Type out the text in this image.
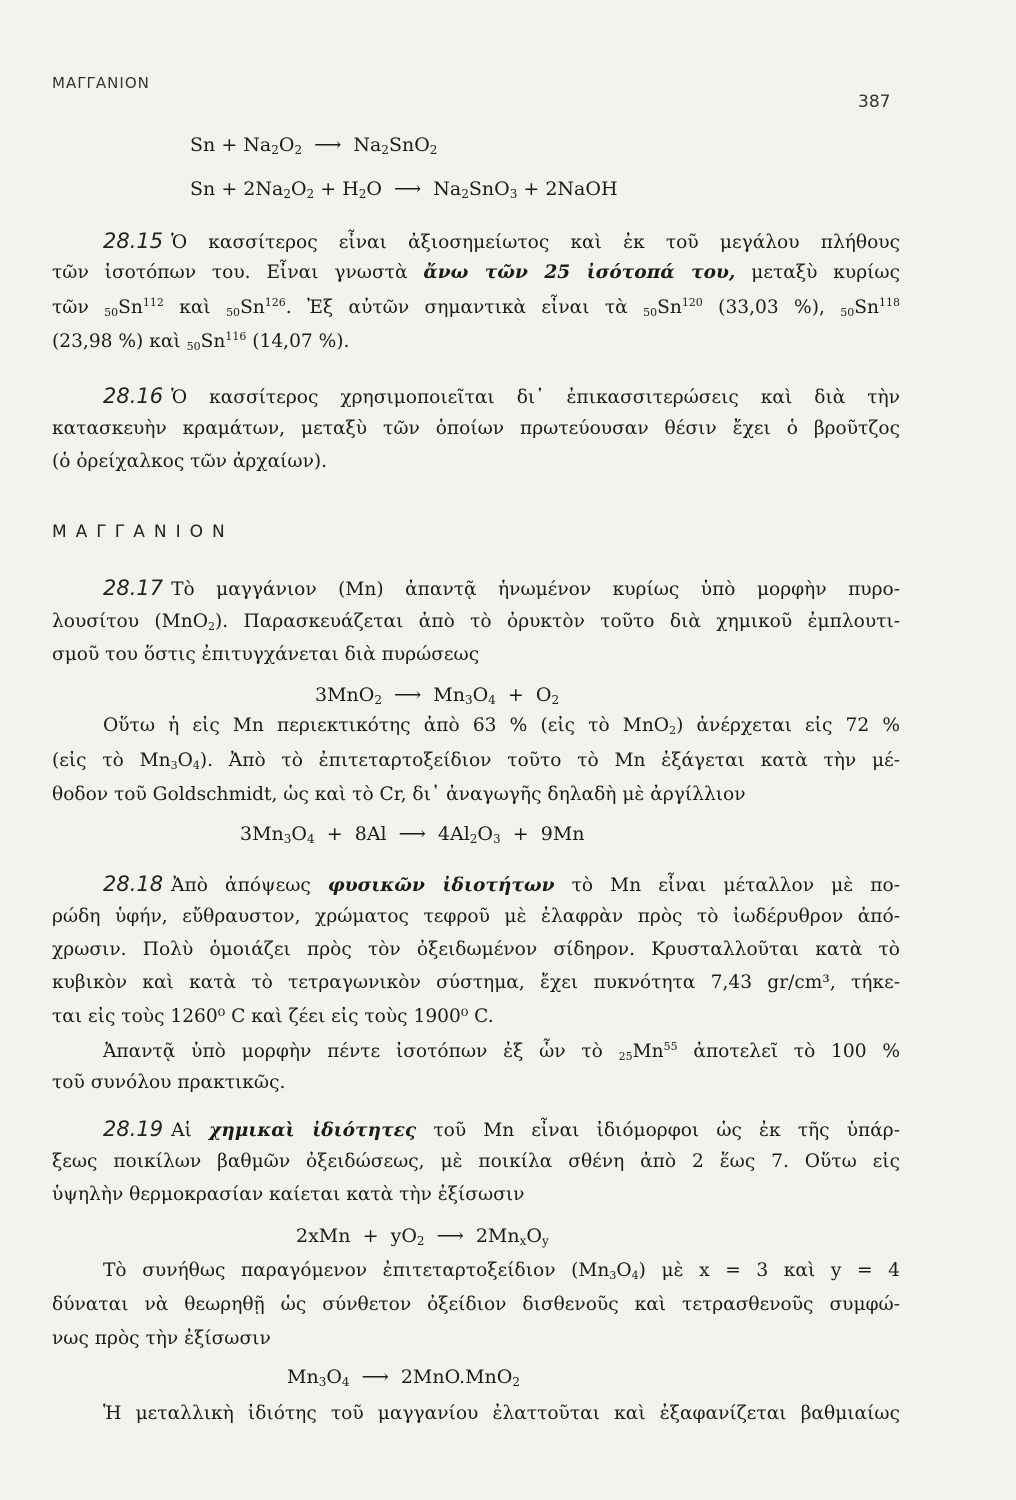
ΜΑΓΓΑΝΙΟΝ
387
$Sn + Na_2O_2$ ⟶ $Na_2SnO_2$
$Sn + 2Na_2O_2 + H_2O$ ⟶ $Na_2SnO_3$ + 2NaOH
28.15 Ὁ κασσίτερος εἶναι ἀξιοσημείωτος καὶ ἐκ τοῦ μεγάλου πλήθους
τῶν ἰσοτόπων του. Εἶναι γνωστὰ ἄνω τῶν 25 ἰσότοπά του, μεταξὺ κυρίως
τῶν $_{50}Sn^{112}$ καὶ $_{50}Sn^{126}$. Ἐξ αὐτῶν σημαντικὰ εἶναι τὰ $_{50}Sn^{120}$ (33,03 %), $_{50}Sn^{118}$
(23,98 %) καὶ $_{50}Sn^{116}$ (14,07 %).
28.16 Ὁ κασσίτερος χρησιμοποιεῖται δι᾿ ἐπικασσιτερώσεις καὶ διὰ τὴν
κατασκευὴν κραμάτων, μεταξὺ τῶν ὁποίων πρωτεύουσαν θέσιν ἔχει ὁ βροῦτζος
(ὁ ὀρείχαλκος τῶν ἀρχαίων).
ΜΑΓΓΑΝΙΟΝ
28.17 Τὸ μαγγάνιον (Mn) ἀπαντᾷ ἡνωμένον κυρίως ὑπὸ μορφὴν πυρο-
λουσίτου (MnO$_2$). Παρασκευάζεται ἀπὸ τὸ ὀρυκτὸν τοῦτο διὰ χημικοῦ ἐμπλουτι-
σμοῦ του ὅστις ἐπιτυγχάνεται διὰ πυρώσεως
3MnO$_2$ ⟶ $Mn_3O_4 + O_2$
Οὕτω ἡ εἰς Mn περιεκτικότης ἀπὸ 63 % (εἰς τὸ MnO$_2$) ἀνέρχεται εἰς 72 %
(εἰς τὸ $Mn_3O_4$). Ἀπὸ τὸ ἐπιτεταρτοξείδιον τοῦτο τὸ Mn ἐξάγεται κατὰ τὴν μέ-
θοδον τοῦ Goldschmidt, ὡς καὶ τὸ Cr, δι᾿ ἀναγωγῆς δηλαδὴ μὲ ἀργίλλιον
$3Mn_3O_4 + 8Al$ ⟶ $4Al_2O_3 + 9Mn$
28.18 Ἀπὸ ἀπόψεως φυσικῶν ἰδιοτήτων τὸ Mn εἶναι μέταλλον μὲ πο-
ρώδη ὑφήν, εὔθραυστον, χρώματος τεφροῦ μὲ ἐλαφρὰν πρὸς τὸ ἰωδέρυθρον ἀπό-
χρωσιν. Πολὺ ὁμοιάζει πρὸς τὸν ὀξειδωμένον σίδηρον. Κρυσταλλοῦται κατὰ τὸ
κυβικὸν καὶ κατὰ τὸ τετραγωνικὸν σύστημα, ἔχει πυκνότητα 7,43 gr/cm³, τήκε-
ται εἰς τοὺς 1260⁰ C καὶ ζέει εἰς τοὺς 1900⁰ C.
Ἀπαντᾷ ὑπὸ μορφὴν πέντε ἰσοτόπων ἐξ ὧν τὸ $_{25}Mn^{55}$ ἀποτελεῖ τὸ 100 %
τοῦ συνόλου πρακτικῶς.
28.19 Αἱ χημικαὶ ἰδιότητες τοῦ Mn εἶναι ἰδιόμορφοι ὡς ἐκ τῆς ὑπάρ-
ξεως ποικίλων βαθμῶν ὀξειδώσεως, μὲ ποικίλα σθένη ἀπὸ 2 ἕως 7. Οὕτω εἰς
ὑψηλὴν θερμοκρασίαν καίεται κατὰ τὴν ἐξίσωσιν
$2xMn + yO_2$ ⟶ $2Mn_xO_y$
Τὸ συνήθως παραγόμενον ἐπιτεταρτοξείδιον $(Mn_3O_4)$ μὲ x = 3 καὶ y = 4
δύναται νὰ θεωρηθῇ ὡς σύνθετον ὀξείδιον δισθενοῦς καὶ τετρασθενοῦς συμφώ-
νως πρὸς τὴν ἐξίσωσιν
$Mn_3O_4$ ⟶ 2MnO.MnO$_2$
Ἡ μεταλλικὴ ἰδιότης τοῦ μαγγανίου ἐλαττοῦται καὶ ἐξαφανίζεται βαθμιαίως
